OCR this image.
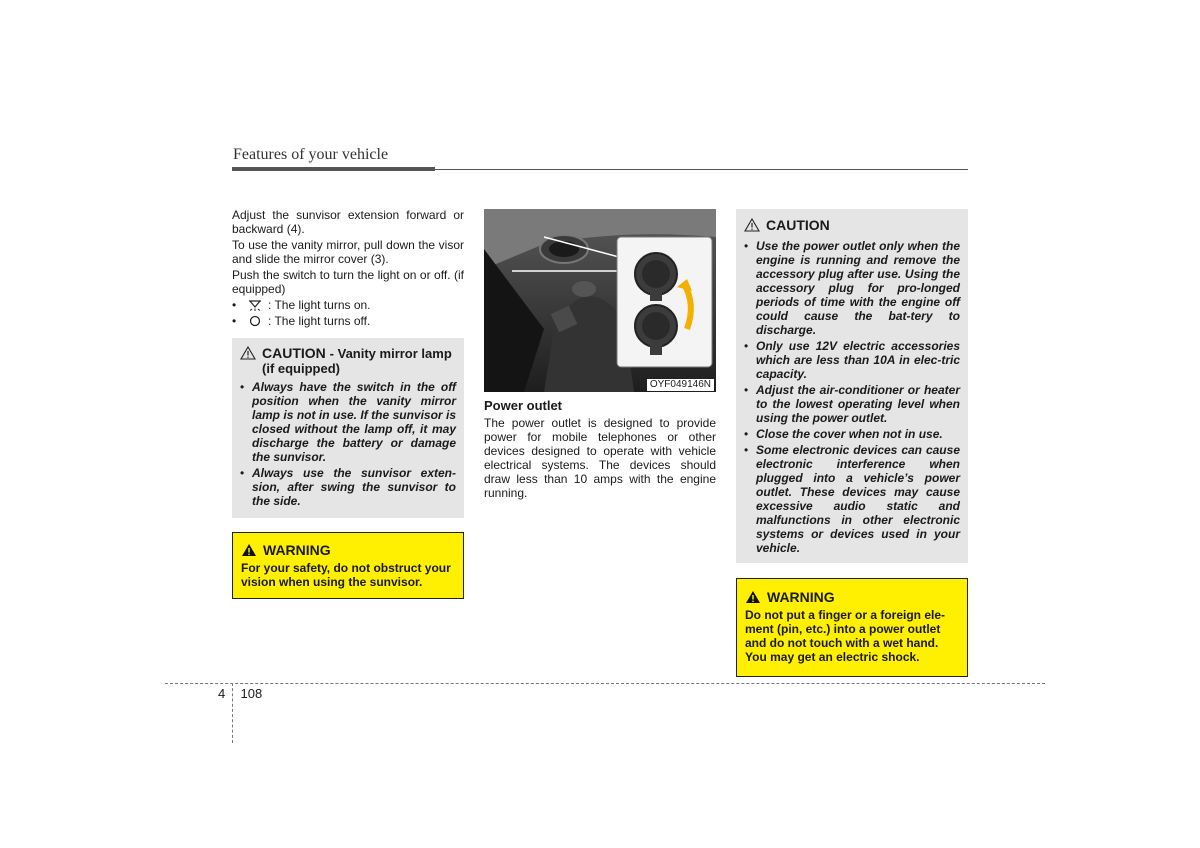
Features of your vehicle

Adjust the sunvisor extension forward or backward (4).

To use the vanity mirror, pull down the visor and slide the mirror cover (3).

Push the switch to turn the light on or off. (if equipped)

•	: The light turns on.
•	: The light turns off.
CAUTION - Vanity mirror lamp (if equipped)
• Always have the switch in the off position when the vanity mirror lamp is not in use. If the sunvisor is closed without the lamp off, it may discharge the battery or damage the sunvisor.
• Always use the sunvisor exten-sion, after swing the sunvisor to the side.
WARNING
For your safety, do not obstruct your vision when using the sunvisor.
OYF049146N
Power outlet
The power outlet is designed to provide power for mobile telephones or other devices designed to operate with vehicle electrical systems. The devices should draw less than 10 amps with the engine running.
CAUTION
• Use the power outlet only when the engine is running and remove the accessory plug after use. Using the accessory plug for pro-longed periods of time with the engine off could cause the bat-tery to discharge.
• Only use 12V electric accessories which are less than 10A in elec-tric capacity.
• Adjust the air-conditioner or heater to the lowest operating level when using the power outlet.
• Close the cover when not in use.
• Some electronic devices can cause electronic interference when plugged into a vehicle’s power outlet. These devices may cause excessive audio static and malfunctions in other electronic systems or devices used in your vehicle.
WARNING
Do not put a finger or a foreign ele-ment (pin, etc.) into a power outlet and do not touch with a wet hand. You may get an electric shock.
4 108
